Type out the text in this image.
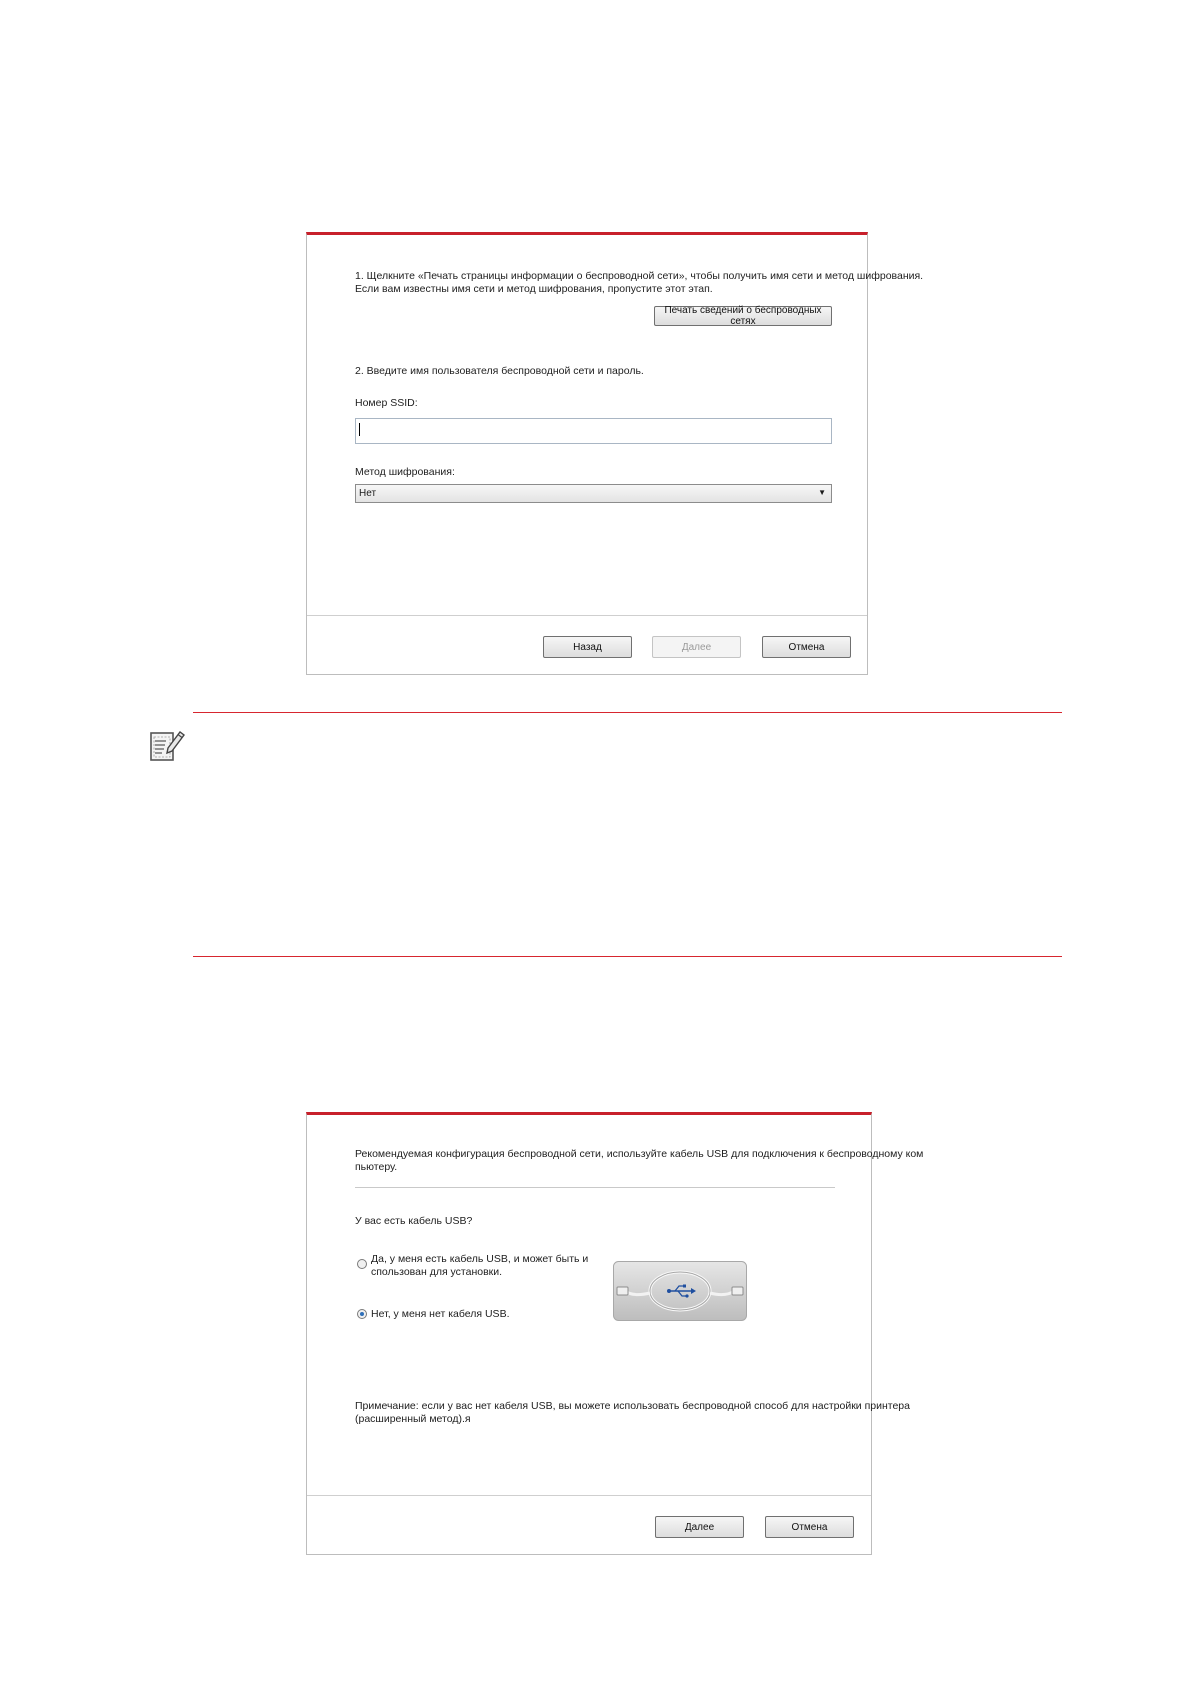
1. Щелкните «Печать страницы информации о беспроводной сети», чтобы получить имя сети и метод шифрования.
Если вам известны имя сети и метод шифрования, пропустите этот этап.
Печать сведений о беспроводных сетях
2. Введите имя пользователя беспроводной сети и пароль.
Номер SSID:
Метод шифрования:
Нет	▼
Назад	Далее	Отмена
Рекомендуемая конфигурация беспроводной сети, используйте кабель USB для подключения к беспроводному ком
пьютеру.
У вас есть кабель USB?
Да, у меня есть кабель USB, и может быть и
спользован для установки.
Нет, у меня нет кабеля USB.
Примечание: если у вас нет кабеля USB, вы можете использовать беспроводной способ для настройки принтера
(расширенный метод).я
Далее	Отмена
